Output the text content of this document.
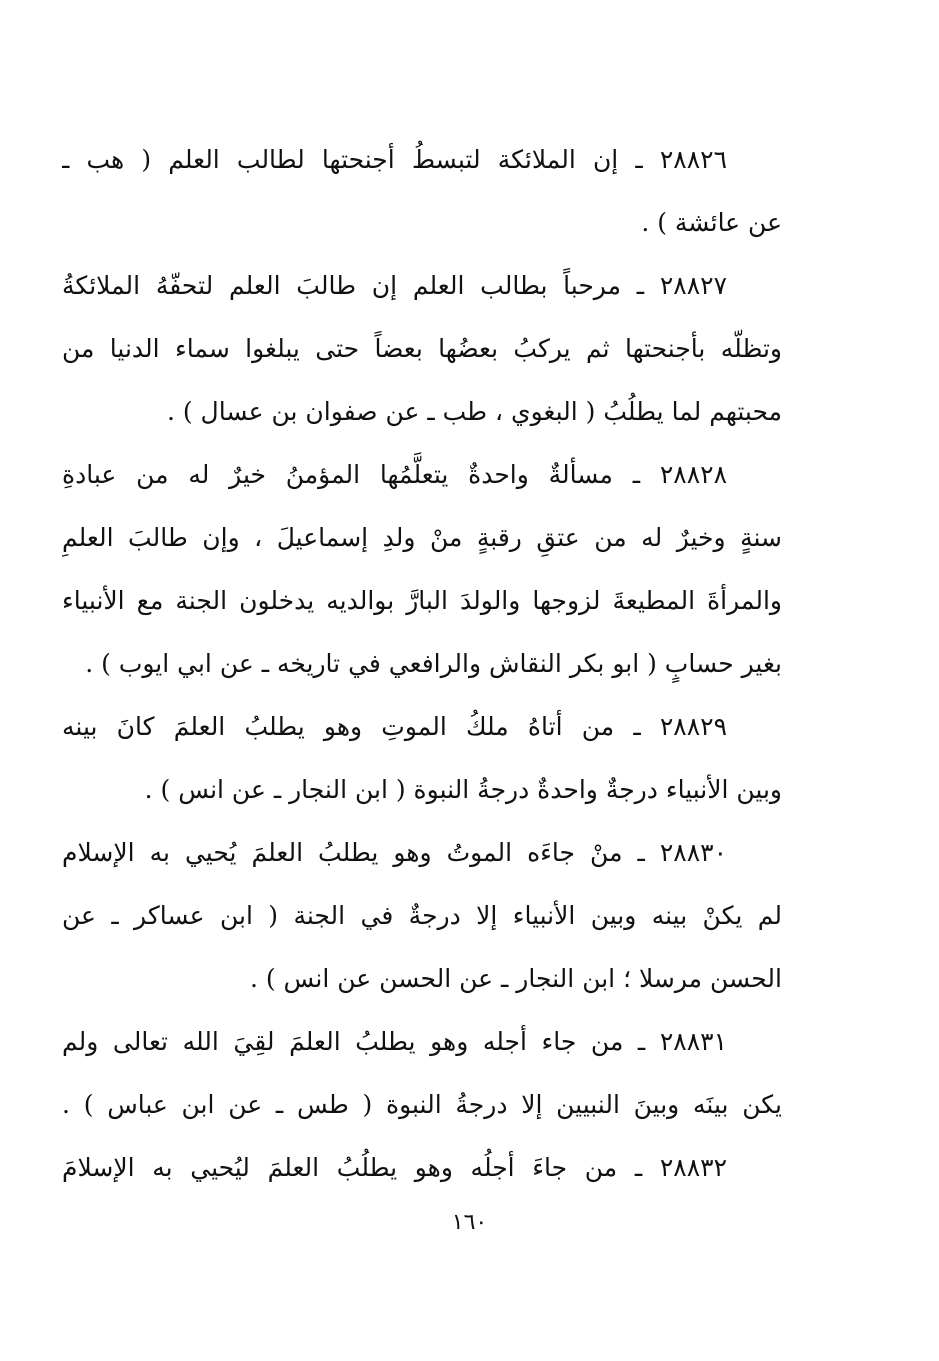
٢٨٨٢٦ ـ إن الملائكة لتبسطُ أجنحتها لطالب العلم ( هب ـ
عن عائشة ) .
٢٨٨٢٧ ـ مرحباً بطالب العلم إن طالبَ العلم لتحفّهُ الملائكةُ
وتظلّه بأجنحتها ثم يركبُ بعضُها بعضاً حتى يبلغوا سماء الدنيا من
محبتهم لما يطلُبُ ( البغوي ، طب ـ عن صفوان بن عسال ) .
٢٨٨٢٨ ـ مسألةٌ واحدةٌ يتعلَّمُها المؤمنُ خيرٌ له من عبادةِ
سنةٍ وخيرٌ له من عتقِ رقبةٍ منْ ولدِ إسماعيلَ ، وإن طالبَ العلمِ
والمرأةَ المطيعةَ لزوجها والولدَ البارَّ بوالديه يدخلون الجنة مع الأنبياء
بغير حسابٍ ( ابو بكر النقاش والرافعي في تاريخه ـ عن ابي ايوب ) .
٢٨٨٢٩ ـ من أتاهُ ملكُ الموتِ وهو يطلبُ العلمَ كانَ بينه
وبين الأنبياء درجةٌ واحدةٌ درجةُ النبوة ( ابن النجار ـ عن انس ) .
٢٨٨٣٠ ـ منْ جاءَه الموتُ وهو يطلبُ العلمَ يُحيي به الإسلام
لم يكنْ بينه وبين الأنبياء إلا درجةٌ في الجنة ( ابن عساكر ـ عن
الحسن مرسلا ؛ ابن النجار ـ عن الحسن عن انس ) .
٢٨٨٣١ ـ من جاء أجله وهو يطلبُ العلمَ لقِيَ الله تعالى ولم
يكن بينَه وبينَ النبيين إلا درجةُ النبوة ( طس ـ عن ابن عباس ) .
٢٨٨٣٢ ـ من جاءَ أجلُه وهو يطلُبُ العلمَ ليُحيي به الإسلامَ
١٦٠
